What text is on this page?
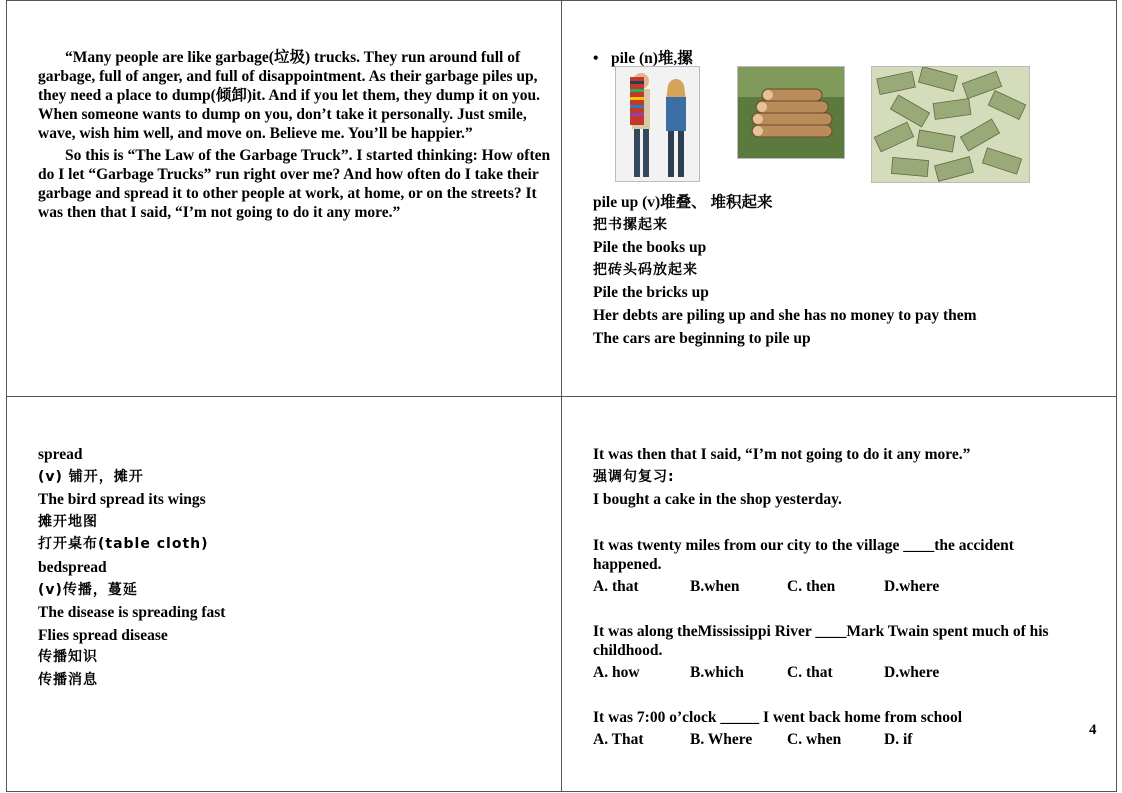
“Many people are like garbage(垃圾) trucks. They run around full of garbage, full of anger, and full of disappointment. As their garbage piles up, they need a place to dump(倾卸)it. And if you let them, they dump it on you. When someone wants to dump on you, don’t take it personally. Just smile, wave, wish him well, and move on. Believe me. You’ll be happier.”

So this is “The Law of the Garbage Truck”. I started thinking: How often do I let “Garbage Trucks” run right over me? And how often do I take their garbage and spread it to other people at work, at home, or on the streets? It was then that I said, “I’m not going to do it any more.”

• pile (n)堆,摞
pile up (v)堆叠、 堆积起来
把书摞起来
Pile the books up
把砖头码放起来
Pile the bricks up
Her debts are piling up and she has no money to pay them
The cars are beginning to pile up
spread
(v) 铺开，摊开
The bird spread its wings
摊开地图
打开桌布(table cloth)
bedspread
(v)传播，蔓延
The disease is spreading fast
Flies spread disease
传播知识
传播消息
It was then that I said, “I’m not going to do it any more.”
强调句复习:
I bought a cake in the shop yesterday.
It was twenty miles from our city to the village ____the accident happened.
A. that	B.when	C. then	D.where
It was along theMississippi River ____Mark Twain spent much of his childhood.
A. how	B.which	C. that	D.where
It was 7:00 o’clock _____ I went back home from school
A. That	B. Where	C. when	D. if
4
